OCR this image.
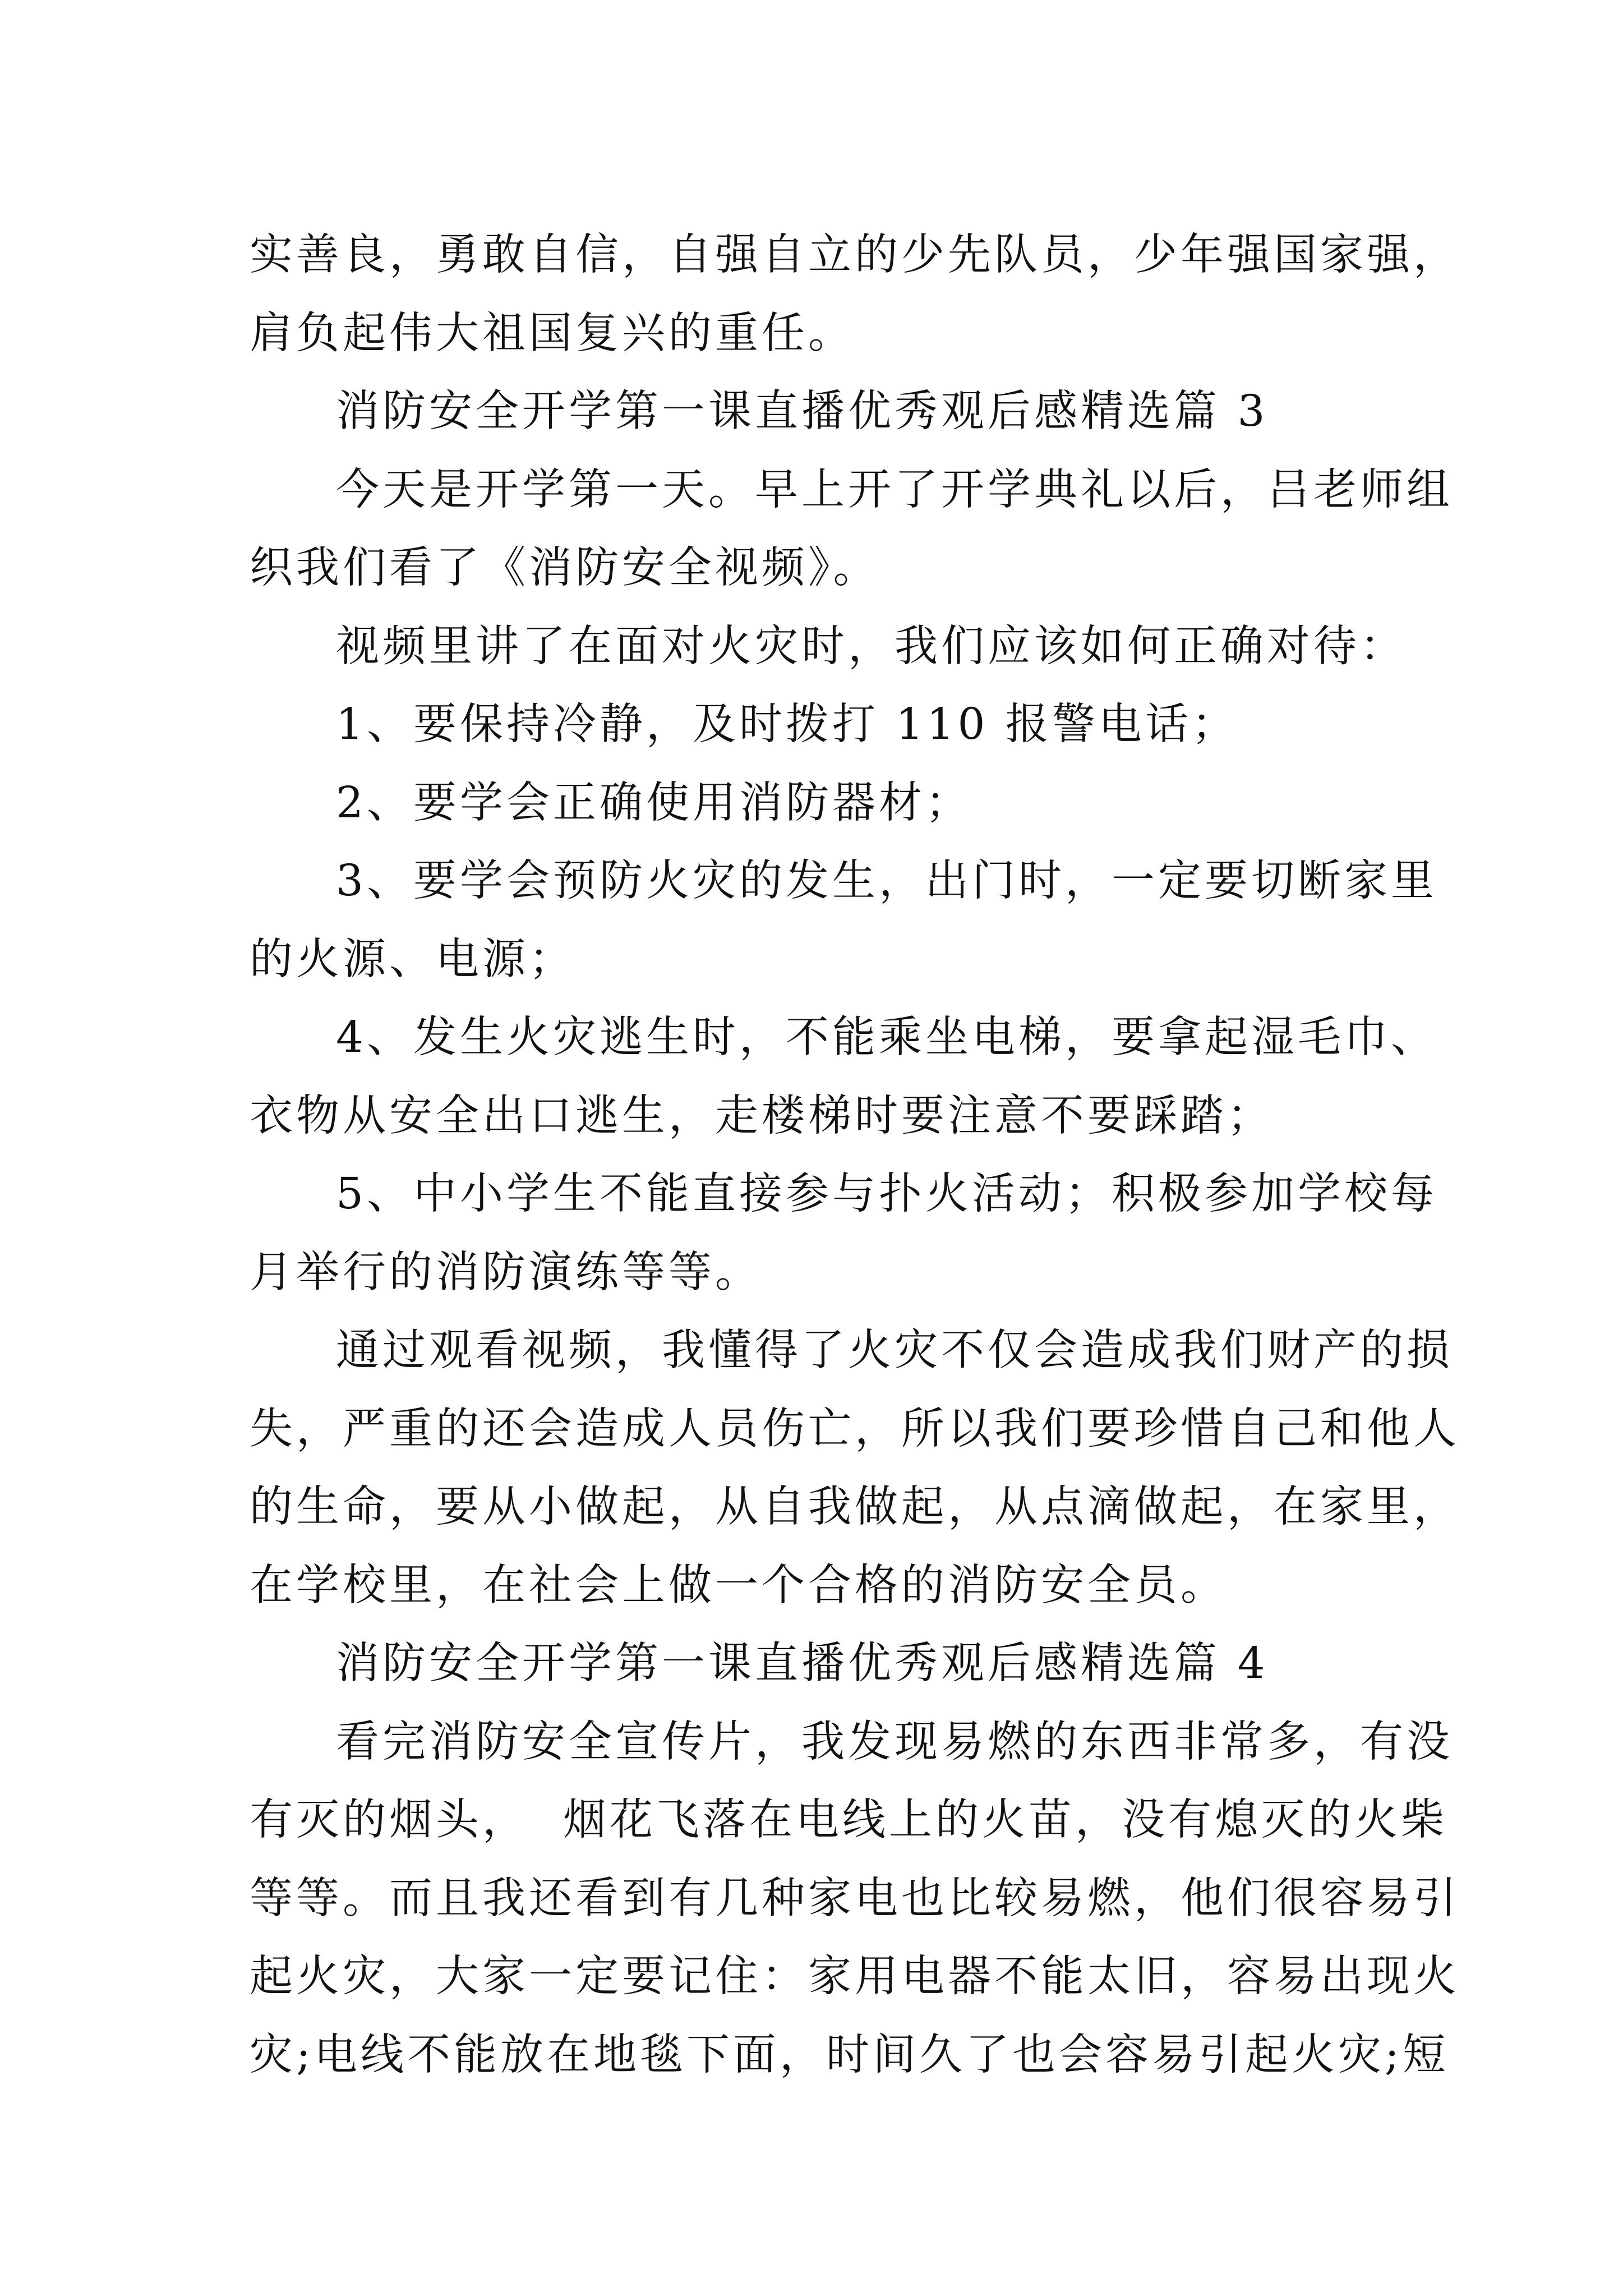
实善良，勇敢自信，自强自立的少先队员，少年强国家强，
肩负起伟大祖国复兴的重任。
消防安全开学第一课直播优秀观后感精选篇 3
今天是开学第一天。早上开了开学典礼以后，吕老师组
织我们看了《消防安全视频》。
视频里讲了在面对火灾时，我们应该如何正确对待：
1、要保持冷静，及时拨打 110 报警电话；
2、要学会正确使用消防器材；
3、要学会预防火灾的发生，出门时，一定要切断家里
的火源、电源；
4、发生火灾逃生时，不能乘坐电梯，要拿起湿毛巾、
衣物从安全出口逃生，走楼梯时要注意不要踩踏；
5、中小学生不能直接参与扑火活动；积极参加学校每
月举行的消防演练等等。
通过观看视频，我懂得了火灾不仅会造成我们财产的损
失，严重的还会造成人员伤亡，所以我们要珍惜自己和他人
的生命，要从小做起，从自我做起，从点滴做起，在家里，
在学校里，在社会上做一个合格的消防安全员。
消防安全开学第一课直播优秀观后感精选篇 4
看完消防安全宣传片，我发现易燃的东西非常多，有没
有灭的烟头，  烟花飞落在电线上的火苗，没有熄灭的火柴
等等。而且我还看到有几种家电也比较易燃，他们很容易引
起火灾，大家一定要记住：家用电器不能太旧，容易出现火
灾;电线不能放在地毯下面，时间久了也会容易引起火灾;短
